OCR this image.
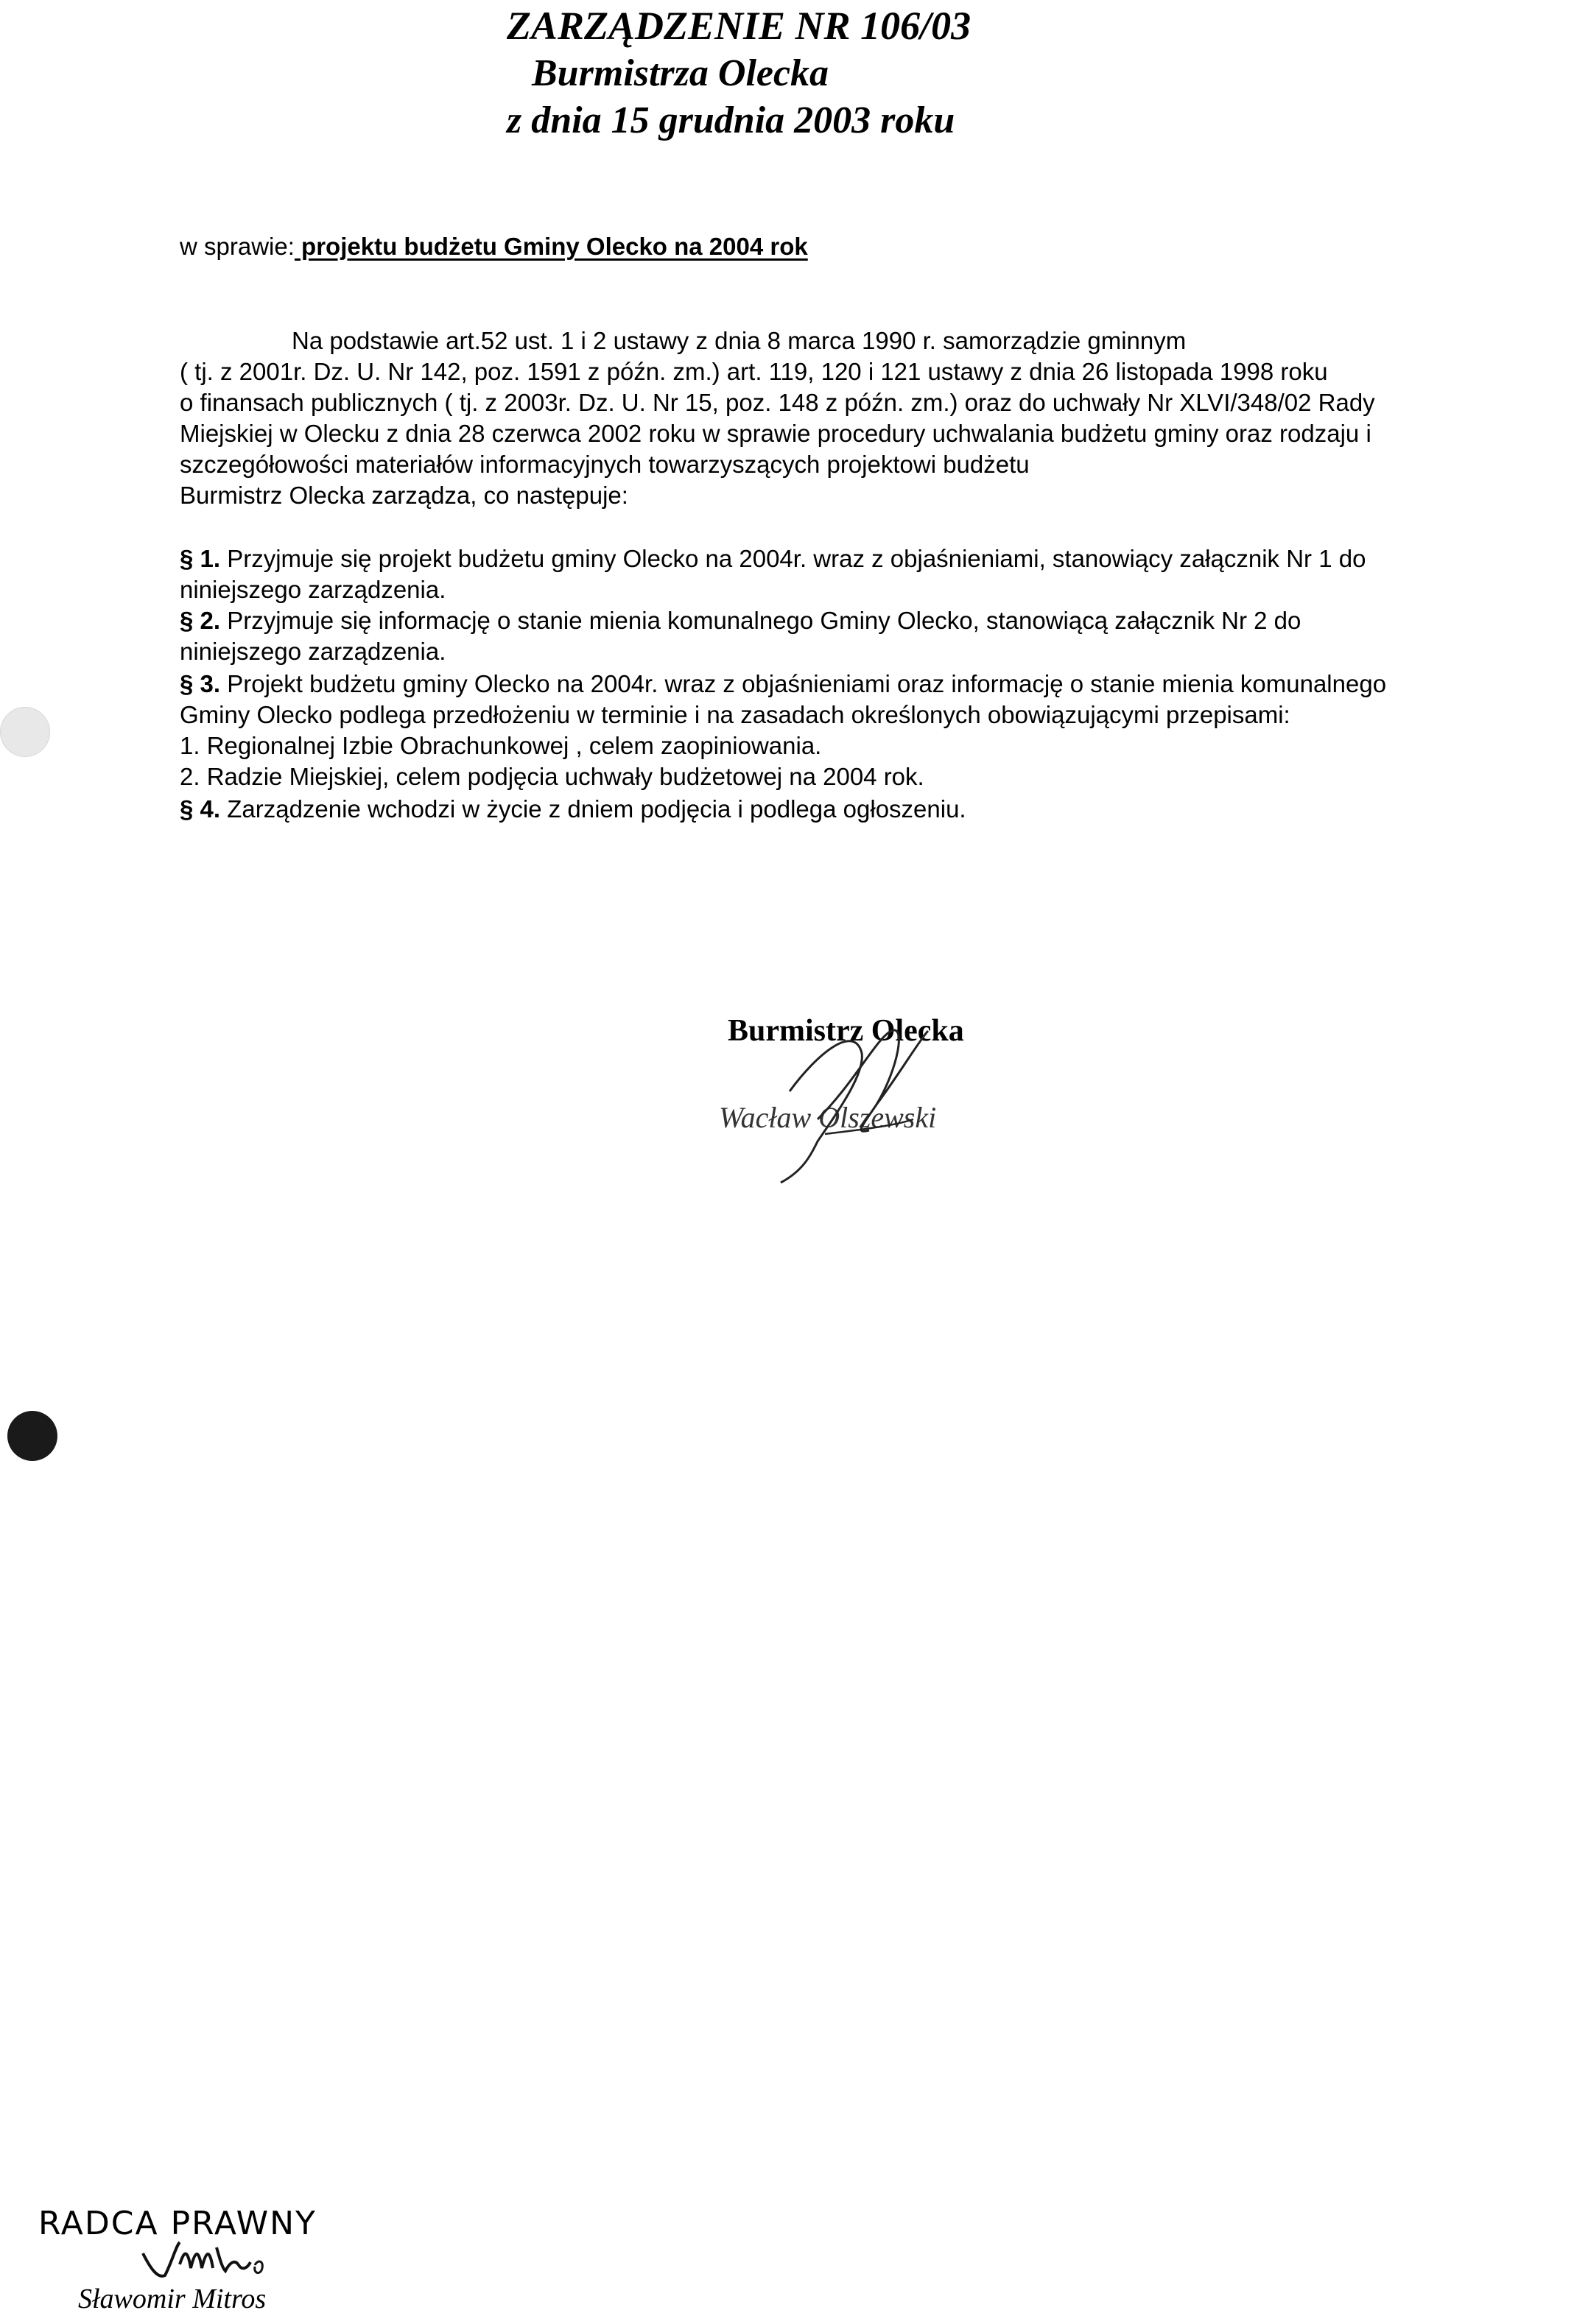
ZARZĄDZENIE NR 106/03
Burmistrza Olecka
z dnia 15 grudnia 2003 roku
w sprawie: projektu budżetu Gminy Olecko na 2004 rok
Na podstawie art.52 ust. 1 i 2 ustawy z dnia 8 marca 1990 r. samorządzie gminnym
( tj. z 2001r. Dz. U. Nr 142, poz. 1591 z późn. zm.) art. 119, 120 i 121 ustawy z dnia 26 listopada 1998 roku
o finansach publicznych ( tj. z 2003r. Dz. U. Nr 15, poz. 148 z późn. zm.) oraz do uchwały Nr XLVI/348/02 Rady
Miejskiej w Olecku z dnia 28 czerwca 2002 roku w sprawie procedury uchwalania budżetu gminy oraz rodzaju i
szczegółowości materiałów informacyjnych towarzyszących projektowi budżetu
Burmistrz Olecka zarządza, co następuje:
§ 1. Przyjmuje się projekt budżetu gminy Olecko na 2004r. wraz z objaśnieniami, stanowiący załącznik Nr 1 do
niniejszego zarządzenia.
§ 2. Przyjmuje się informację o stanie mienia komunalnego Gminy Olecko, stanowiącą załącznik Nr 2 do
niniejszego zarządzenia.
§ 3. Projekt budżetu gminy Olecko na 2004r. wraz z objaśnieniami oraz informację o stanie mienia komunalnego
Gminy Olecko podlega przedłożeniu w terminie i na zasadach określonych obowiązującymi przepisami:
1. Regionalnej Izbie Obrachunkowej , celem zaopiniowania.
2. Radzie Miejskiej, celem podjęcia uchwały budżetowej na 2004 rok.
§ 4. Zarządzenie wchodzi w życie z dniem podjęcia i podlega ogłoszeniu.
Burmistrz Olecka
Wacław Olszewski
RADCA PRAWNY
Sławomir Mitros
